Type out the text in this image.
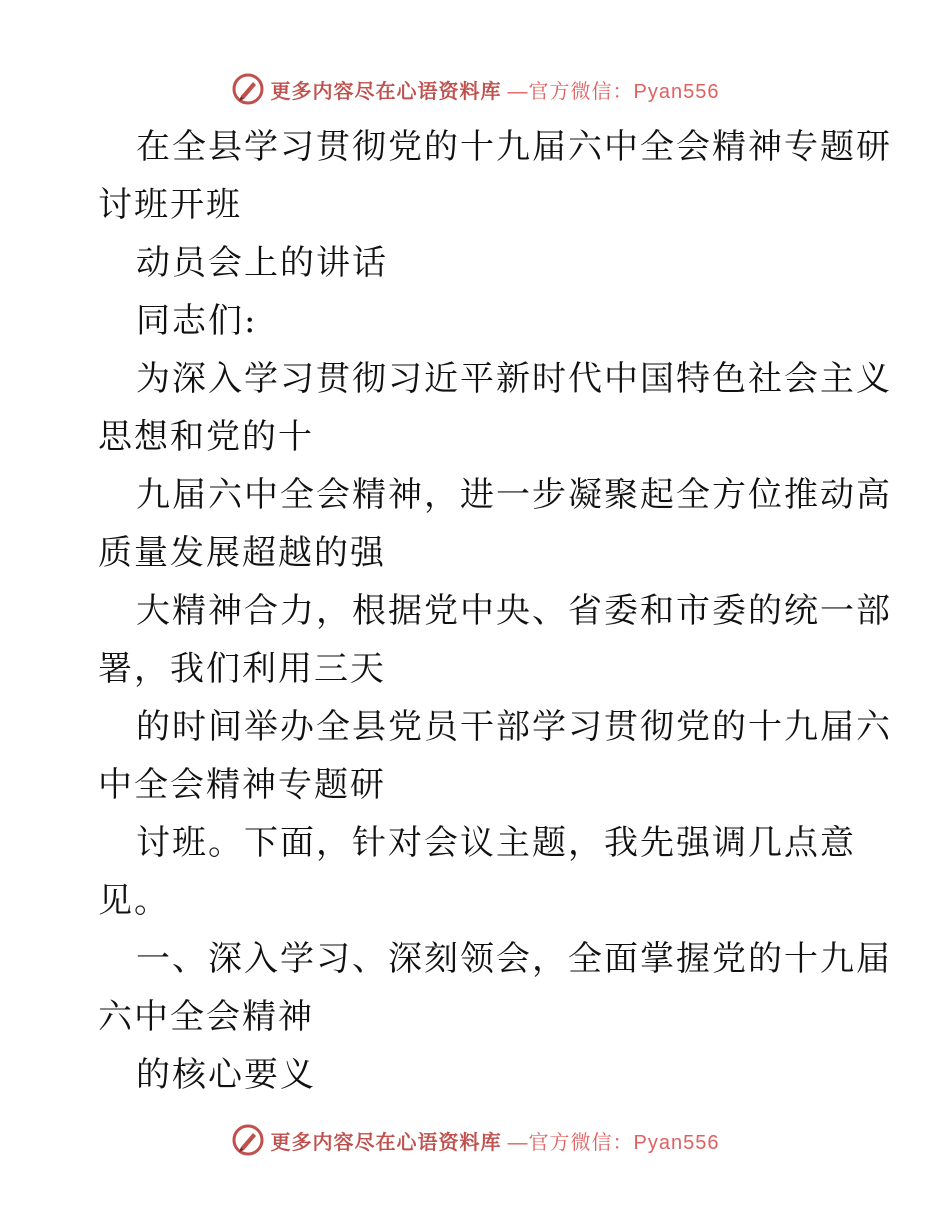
更多内容尽在心语资料库 —官方微信：Pyan556
在全县学习贯彻党的十九届六中全会精神专题研
讨班开班
动员会上的讲话
同志们:
为深入学习贯彻习近平新时代中国特色社会主义
思想和党的十
九届六中全会精神，进一步凝聚起全方位推动高
质量发展超越的强
大精神合力，根据党中央、省委和市委的统一部
署，我们利用三天
的时间举办全县党员干部学习贯彻党的十九届六
中全会精神专题研
讨班。下面，针对会议主题，我先强调几点意
见。
一、深入学习、深刻领会，全面掌握党的十九届
六中全会精神
的核心要义
更多内容尽在心语资料库 —官方微信：Pyan556
